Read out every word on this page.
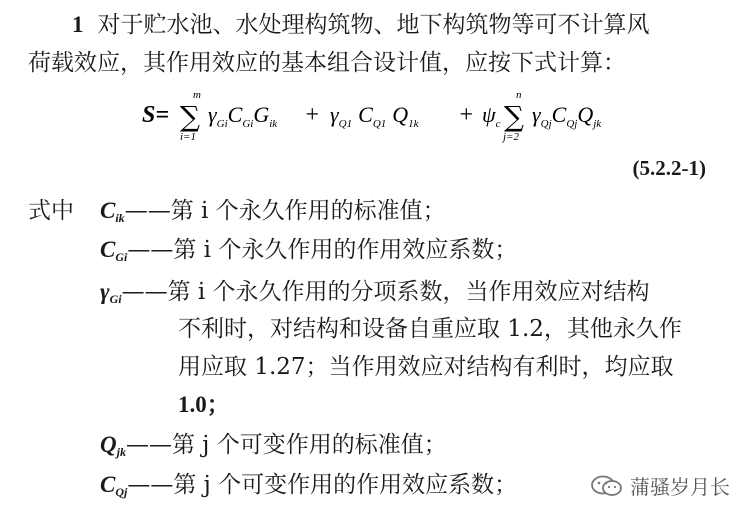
1 对于贮水池、水处理构筑物、地下构筑物等可不计算风
荷载效应，其作用效应的基本组合设计值，应按下式计算：
S=
m
∑
i=1
$\gamma_{Gi}C_{Gi}G_{ik} + \gamma_{Q1}$ $C_{Q1}$ $Q_{1k} + \psi_c$
n
∑
j=2
$\gamma_{Qj}C_{Qj}Q_{jk}$
(5.2.2-1)
式中 $C_{ik}——$第 i 个永久作用的标准值；
$C_{Gi}——$第 i 个永久作用的作用效应系数；
$\gamma_{Gi}——$第 i 个永久作用的分项系数，当作用效应对结构
不利时，对结构和设备自重应取 1.2，其他永久作
用应取 1.27；当作用效应对结构有利时，均应取
1.0；
$Q_{jk}——$第 j 个可变作用的标准值；
$C_{Qj}——$第 j 个可变作用的作用效应系数；	蒲骚岁月长
